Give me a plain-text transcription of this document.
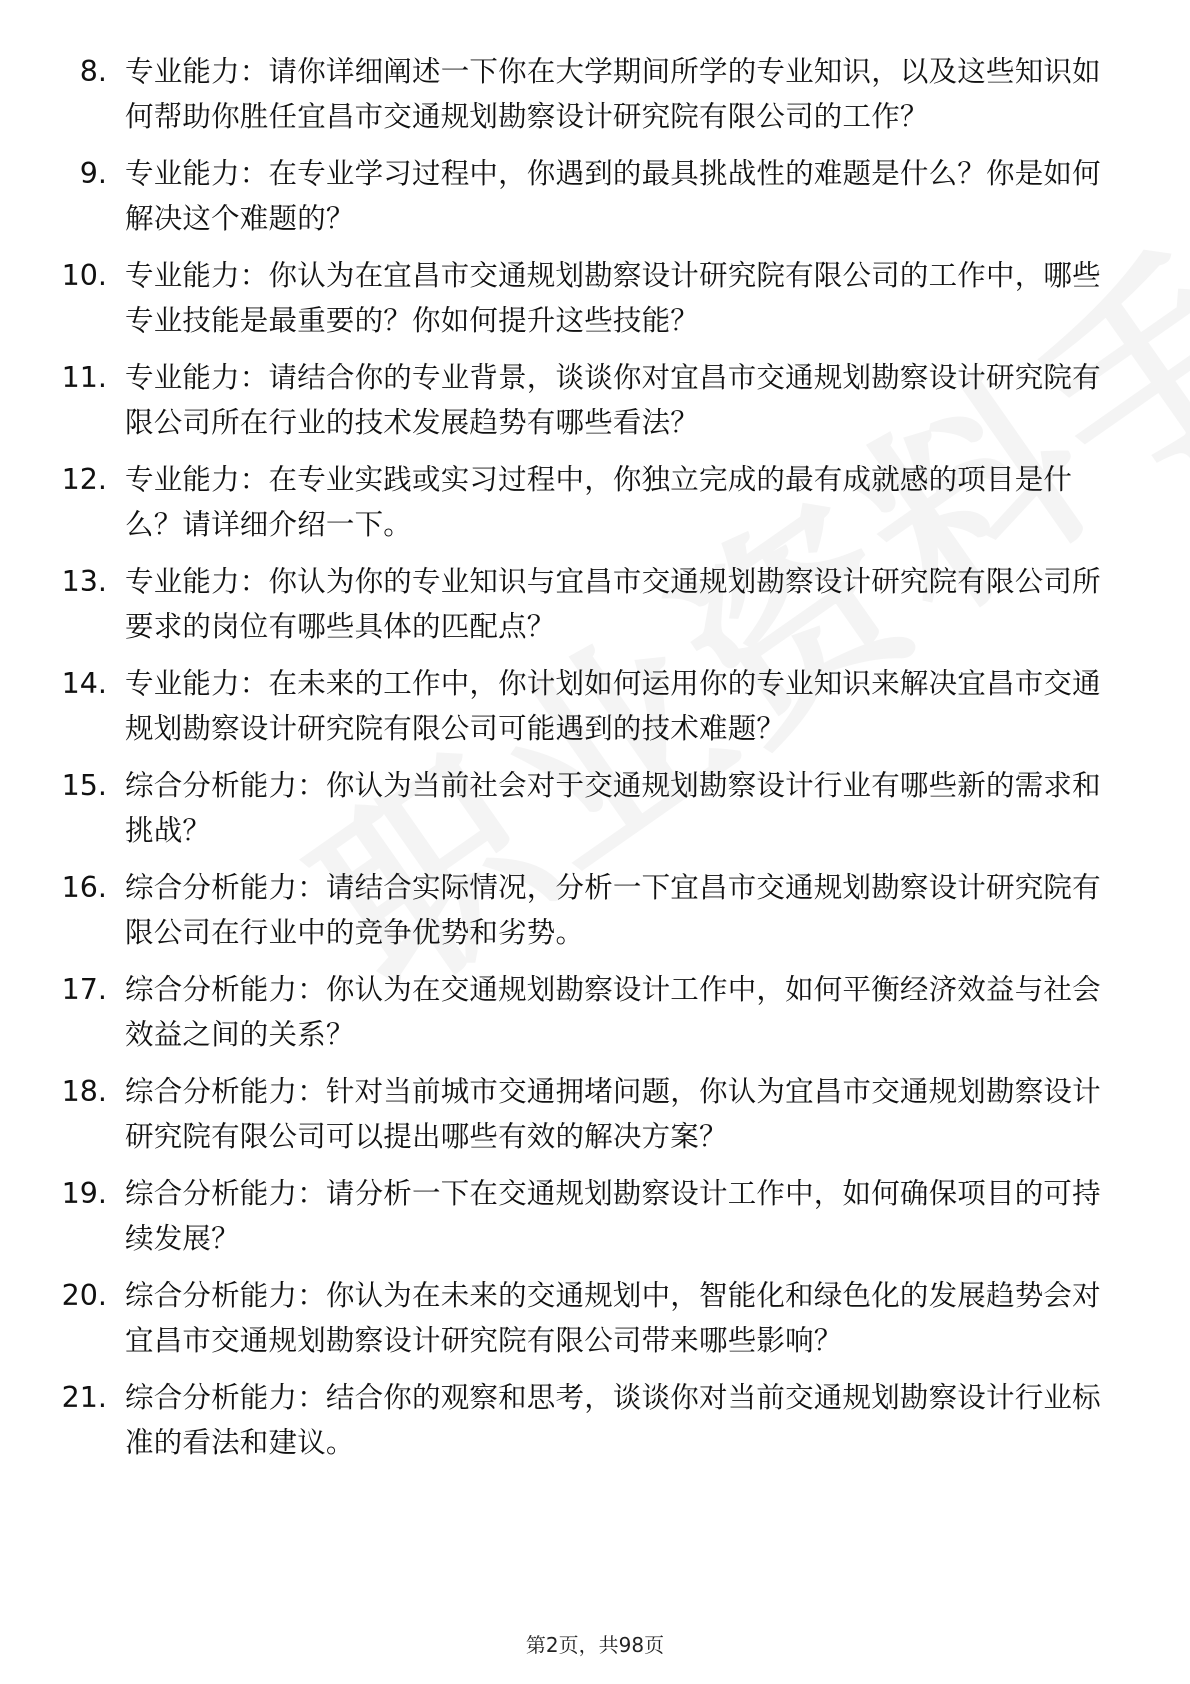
8. 专业能力：请你详细阐述一下你在大学期间所学的专业知识，以及这些知识如何帮助你胜任宜昌市交通规划勘察设计研究院有限公司的工作？
9. 专业能力：在专业学习过程中，你遇到的最具挑战性的难题是什么？你是如何解决这个难题的？
10. 专业能力：你认为在宜昌市交通规划勘察设计研究院有限公司的工作中，哪些专业技能是最重要的？你如何提升这些技能？
11. 专业能力：请结合你的专业背景，谈谈你对宜昌市交通规划勘察设计研究院有限公司所在行业的技术发展趋势有哪些看法？
12. 专业能力：在专业实践或实习过程中，你独立完成的最有成就感的项目是什么？请详细介绍一下。
13. 专业能力：你认为你的专业知识与宜昌市交通规划勘察设计研究院有限公司所要求的岗位有哪些具体的匹配点？
14. 专业能力：在未来的工作中，你计划如何运用你的专业知识来解决宜昌市交通规划勘察设计研究院有限公司可能遇到的技术难题？
15. 综合分析能力：你认为当前社会对于交通规划勘察设计行业有哪些新的需求和挑战？
16. 综合分析能力：请结合实际情况，分析一下宜昌市交通规划勘察设计研究院有限公司在行业中的竞争优势和劣势。
17. 综合分析能力：你认为在交通规划勘察设计工作中，如何平衡经济效益与社会效益之间的关系？
18. 综合分析能力：针对当前城市交通拥堵问题，你认为宜昌市交通规划勘察设计研究院有限公司可以提出哪些有效的解决方案？
19. 综合分析能力：请分析一下在交通规划勘察设计工作中，如何确保项目的可持续发展？
20. 综合分析能力：你认为在未来的交通规划中，智能化和绿色化的发展趋势会对宜昌市交通规划勘察设计研究院有限公司带来哪些影响？
21. 综合分析能力：结合你的观察和思考，谈谈你对当前交通规划勘察设计行业标准的看法和建议。
第2页，共98页
